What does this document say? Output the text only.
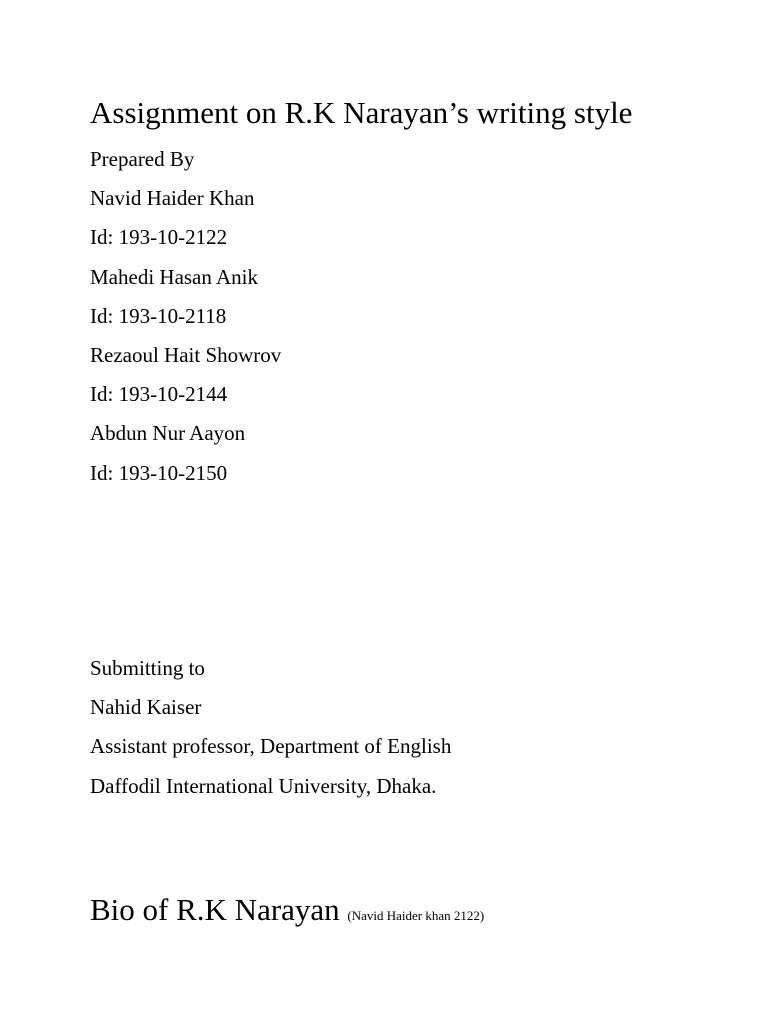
Assignment on R.K Narayan’s writing style
Prepared By
Navid Haider Khan
Id: 193-10-2122
Mahedi Hasan Anik
Id: 193-10-2118
Rezaoul Hait Showrov
Id: 193-10-2144
Abdun Nur Aayon
Id: 193-10-2150
Submitting to
Nahid Kaiser
Assistant professor, Department of English
Daffodil International University, Dhaka.
Bio of R.K Narayan (Navid Haider khan 2122)
